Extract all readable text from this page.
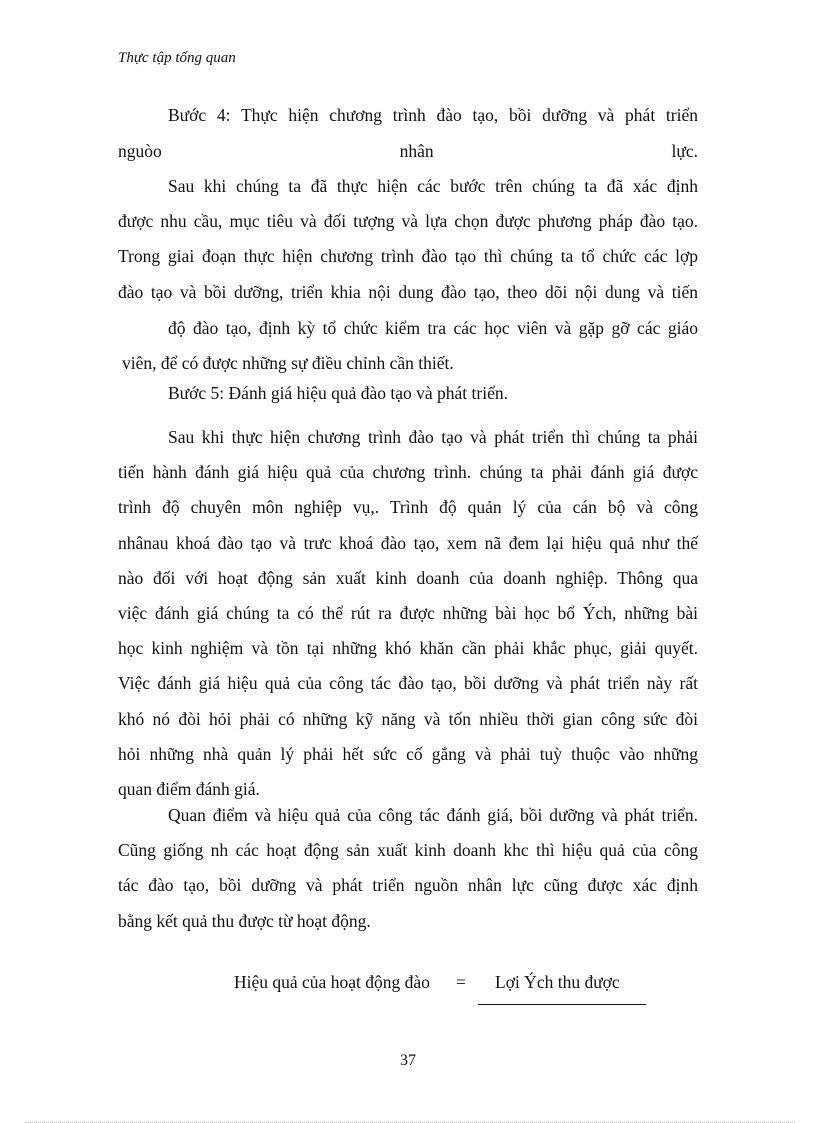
Thực tập tổng quan
Bước 4: Thực hiện chương trình đào tạo, bồi dưỡng và phát triển
nguòo	nhân	lực.
Sau khi chúng ta đã thực hiện các bước trên chúng ta đã xác định
được nhu cầu, mục tiêu và đối tượng và lựa chọn được phương pháp đào tạo.
Trong giai đoạn thực hiện chương trình đào tạo thì chúng ta tổ chức các lợp
đào tạo và bồi dưỡng, triển khia nội dung đào tạo, theo dõi nội dung và tiến
độ đào tạo, định kỳ tổ chức kiểm tra các học viên và gặp gỡ các giáo
viên, để có được những sự điều chỉnh cần thiết.
Bước 5: Đánh giá hiệu quả đào tạo và phát triển.
Sau khi thực hiện chương trình đào tạo và phát triển thì chúng ta phải
tiến hành đánh giá hiệu quả của chương trình. chúng ta phải đánh giá được
trình độ chuyên môn nghiệp vụ,. Trình độ quản lý của cán bộ và công
nhânau khoá đào tạo và trưc khoá đào tạo, xem nã đem lại hiệu quả như thế
nào đối với hoạt động sản xuất kinh doanh của doanh nghiệp. Thông qua
việc đánh giá chúng ta có thể rút ra được những bài học bổ Ých, những bài
học kinh nghiệm và tồn tại những khó khăn cần phải khắc phục, giải quyết.
Việc đánh giá hiệu quả của công tác đào tạo, bồi dưỡng và phát triển này rất
khó nó đòi hỏi phải có những kỹ năng và tốn nhiều thời gian công sức đòi
hỏi những nhà quản lý phải hết sức cố gắng và phải tuỳ thuộc vào những
quan điểm đánh giá.
Quan điểm và hiệu quả của công tác đánh giá, bồi dưỡng và phát triển.
Cũng giống nh các hoạt động sản xuất kinh doanh khc thì hiệu quả của công
tác đào tạo, bồi dưỡng và phát triển nguồn nhân lực cũng được xác định
bằng kết quả thu được từ hoạt động.
Hiệu quả của hoạt động đào = Lợi Ých thu được
37
